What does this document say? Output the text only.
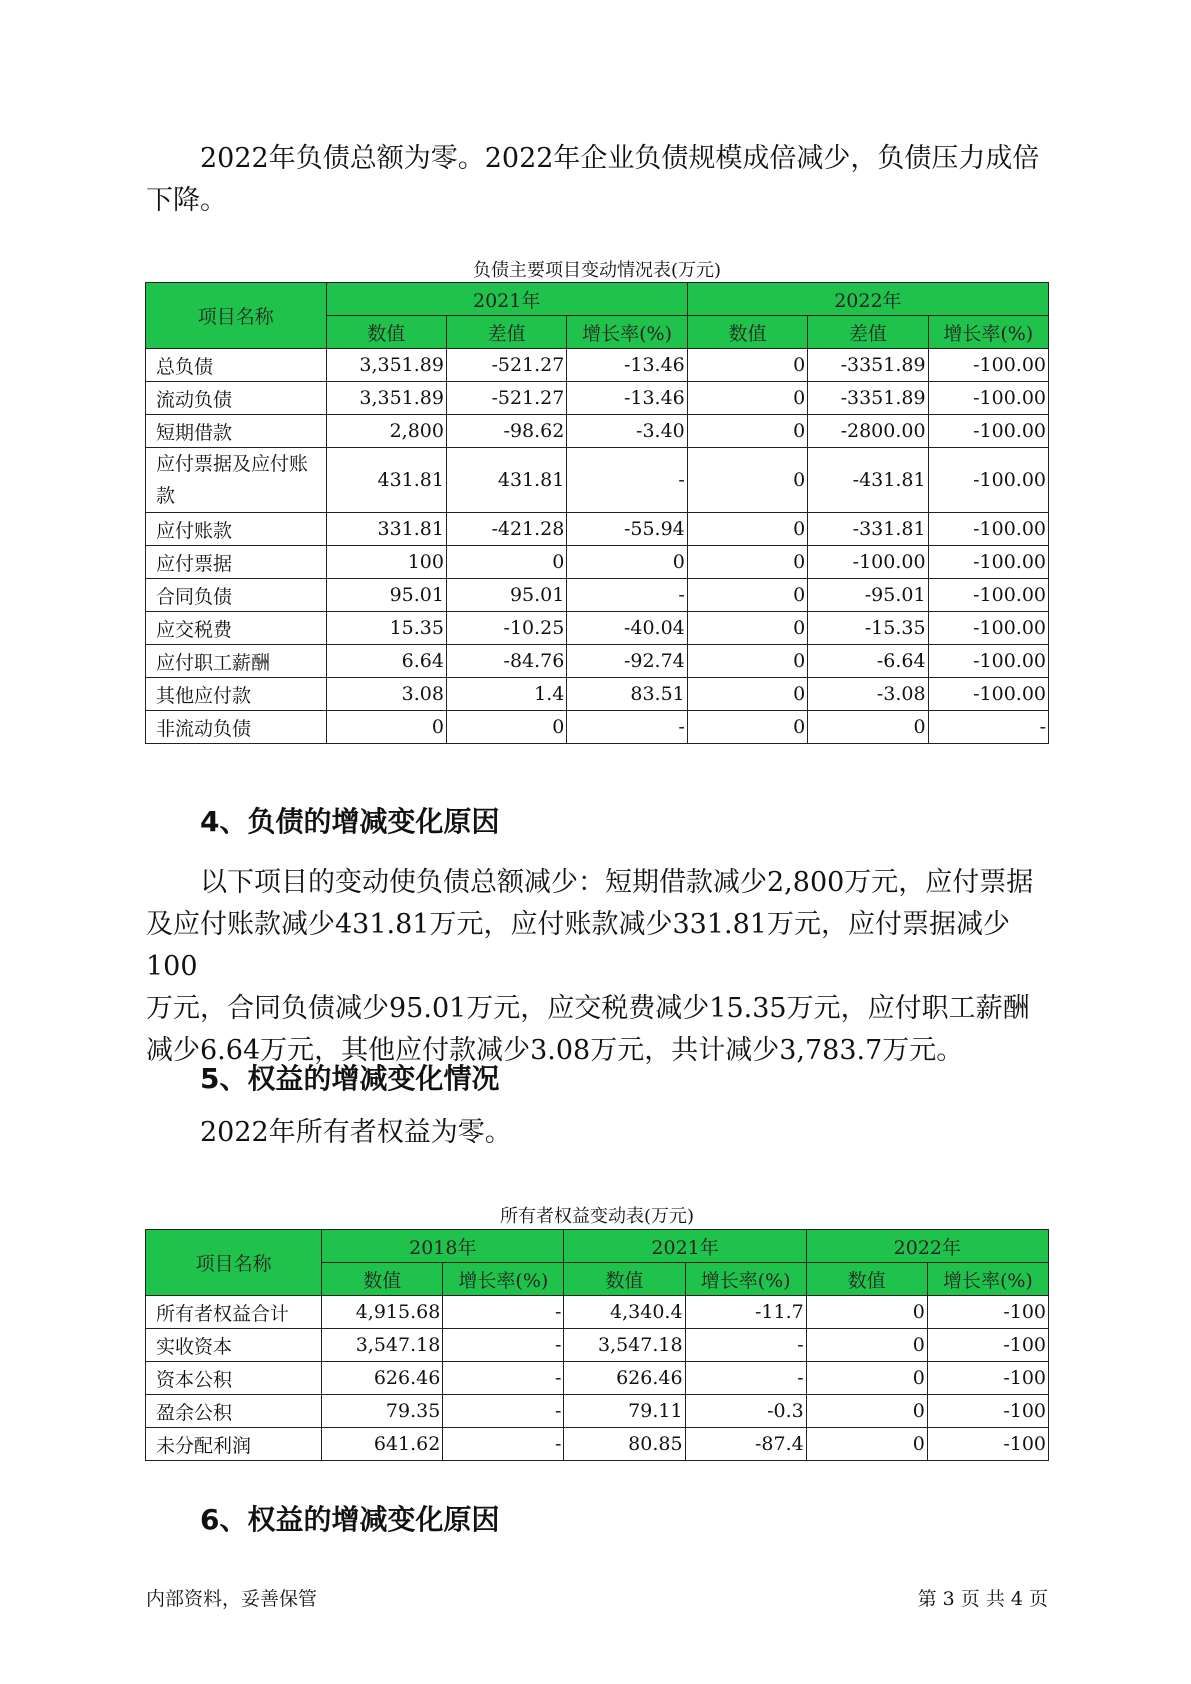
2022年负债总额为零。2022年企业负债规模成倍减少，负债压力成倍
下降。
负债主要项目变动情况表(万元)
项目名称	2021年			2022年		
	数值	差值	增长率(%)	数值	差值	增长率(%)
总负债	3,351.89	-521.27	-13.46	0	-3351.89	-100.00
流动负债	3,351.89	-521.27	-13.46	0	-3351.89	-100.00
短期借款	2,800	-98.62	-3.40	0	-2800.00	-100.00
应付票据及应付账款	431.81	431.81	-	0	-431.81	-100.00
应付账款	331.81	-421.28	-55.94	0	-331.81	-100.00
应付票据	100	0	0	0	-100.00	-100.00
合同负债	95.01	95.01	-	0	-95.01	-100.00
应交税费	15.35	-10.25	-40.04	0	-15.35	-100.00
应付职工薪酬	6.64	-84.76	-92.74	0	-6.64	-100.00
其他应付款	3.08	1.4	83.51	0	-3.08	-100.00
非流动负债	0	0	-	0	0	-
4、负债的增减变化原因
以下项目的变动使负债总额减少：短期借款减少2,800万元，应付票据
及应付账款减少431.81万元，应付账款减少331.81万元，应付票据减少100
万元，合同负债减少95.01万元，应交税费减少15.35万元，应付职工薪酬
减少6.64万元，其他应付款减少3.08万元，共计减少3,783.7万元。
5、权益的增减变化情况
2022年所有者权益为零。
所有者权益变动表(万元)
项目名称	2018年		2021年		2022年	
	数值	增长率(%)	数值	增长率(%)	数值	增长率(%)
所有者权益合计	4,915.68	-	4,340.4	-11.7	0	-100
实收资本	3,547.18	-	3,547.18	-	0	-100
资本公积	626.46	-	626.46	-	0	-100
盈余公积	79.35	-	79.11	-0.3	0	-100
未分配利润	641.62	-	80.85	-87.4	0	-100
6、权益的增减变化原因
内部资料，妥善保管	第 3 页 共 4 页
